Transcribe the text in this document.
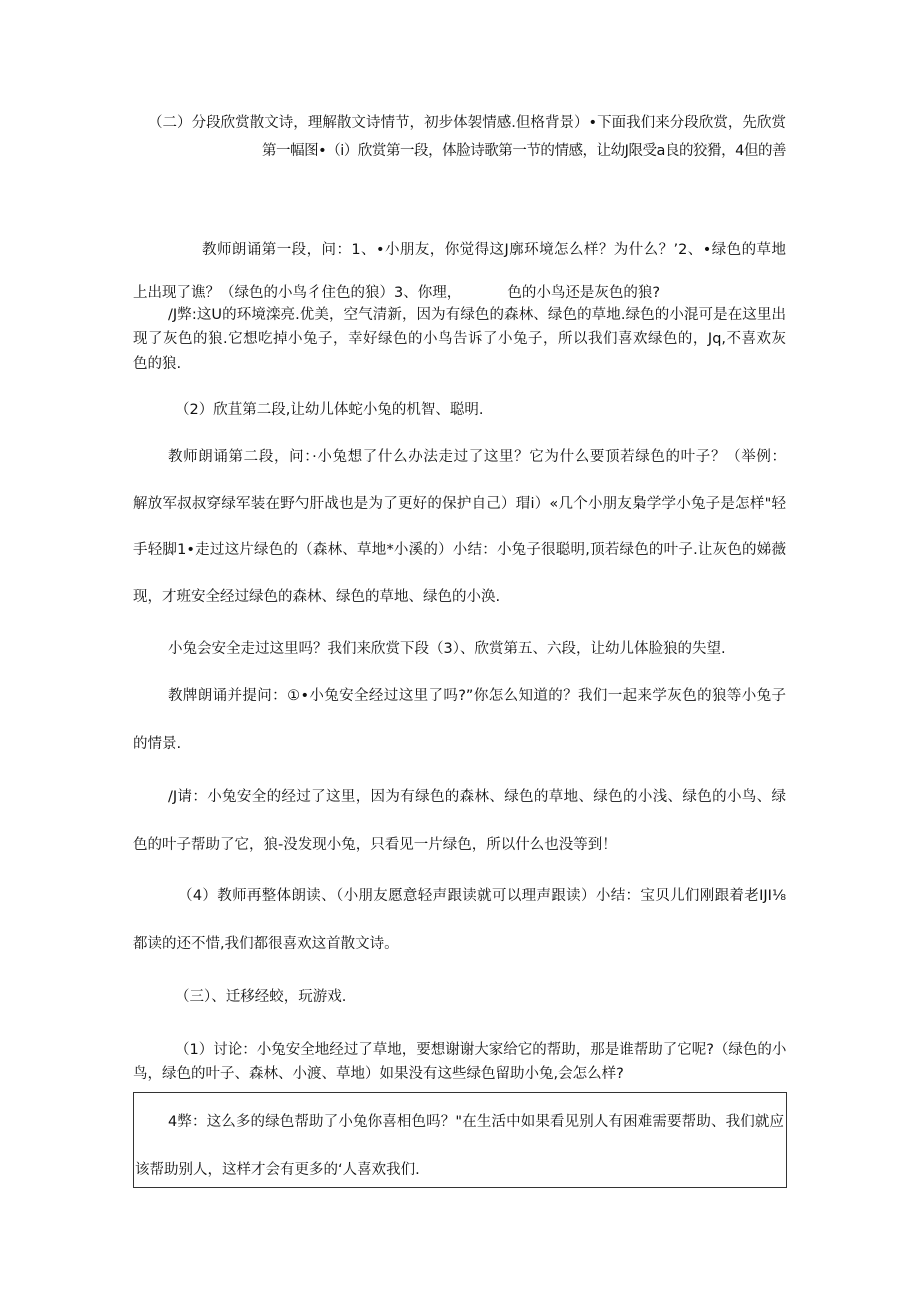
（二）分段欣赏散文诗，理解散文诗情节，初步体袈情感.但格背景）•下面我们来分段欣赏，先欣赏
第一幅图•（i）欣赏第一段，体脸诗歌第一节的情感，让幼J限受a良的狡猾，4但的善
教师朗诵第一段，问：1、•小朋友，你觉得这J廓环境怎么样？为什么？’2、•绿色的草地
上出现了谯？（绿色的小鸟彳住色的狼）3、你理，          色的小鸟还是灰色的狼?
/J弊:这U的环境滦亮.优美，空气清新，因为有绿色的森林、绿色的草地.绿色的小混可是在这里出
现了灰色的狼.它想吃掉小兔子，幸好绿色的小鸟告诉了小兔子，所以我们喜欢绿色的，Jq,不喜欢灰
色的狼.
（2）欣苴第二段,让幼儿体蛇小兔的机智、聪明.
教师朗诵第二段，问：·小兔想了什么办法走过了这里？它为什么要顶若绿色的叶子？（举例：
解放军叔叔穿绿军装在野勺肝战也是为了更好的保护自己）瑁i）«几个小朋友梟学学小兔子是怎样"轻
手轻脚1•走过这片绿色的（森林、草地*小溪的）小结：小兔子很聪明,顶若绿色的叶子.让灰色的娣薇
现，才班安全经过绿色的森林、绿色的草地、绿色的小涣.
小兔会安全走过这里吗？我们来欣赏下段（3）、欣赏第五、六段，让幼儿体脸狼的失望.
教牌朗诵并提问：①•小兔安全经过这里了吗?”你怎么知道的？我们一起来学灰色的狼等小兔子
的情景.
/J请：小兔安全的经过了这里，因为有绿色的森林、绿色的草地、绿色的小浅、绿色的小鸟、绿
色的叶子帮助了它，狼-没发现小兔，只看见一片绿色，所以什么也没等到！
（4）教师再整体朗读、（小朋友愿意轻声跟读就可以理声跟读）小结：宝贝儿们刚跟着老IJI⅛
都读的还不惜,我们都很喜欢这首散文诗。
（三）、迁移经蛟，玩游戏.
（1）讨论：小兔安全地经过了草地，要想谢谢大家给它的帮助，那是谁帮助了它呢?（绿色的小
鸟，绿色的叶子、森林、小渡、草地）如果没有这些绿色留助小兔,会怎么样?
4弊：这么多的绿色帮助了小兔你喜相色吗？"在生活中如果看见别人有困难需要帮助、我们就应
该帮助别人，这样才会有更多的‘人喜欢我们.
